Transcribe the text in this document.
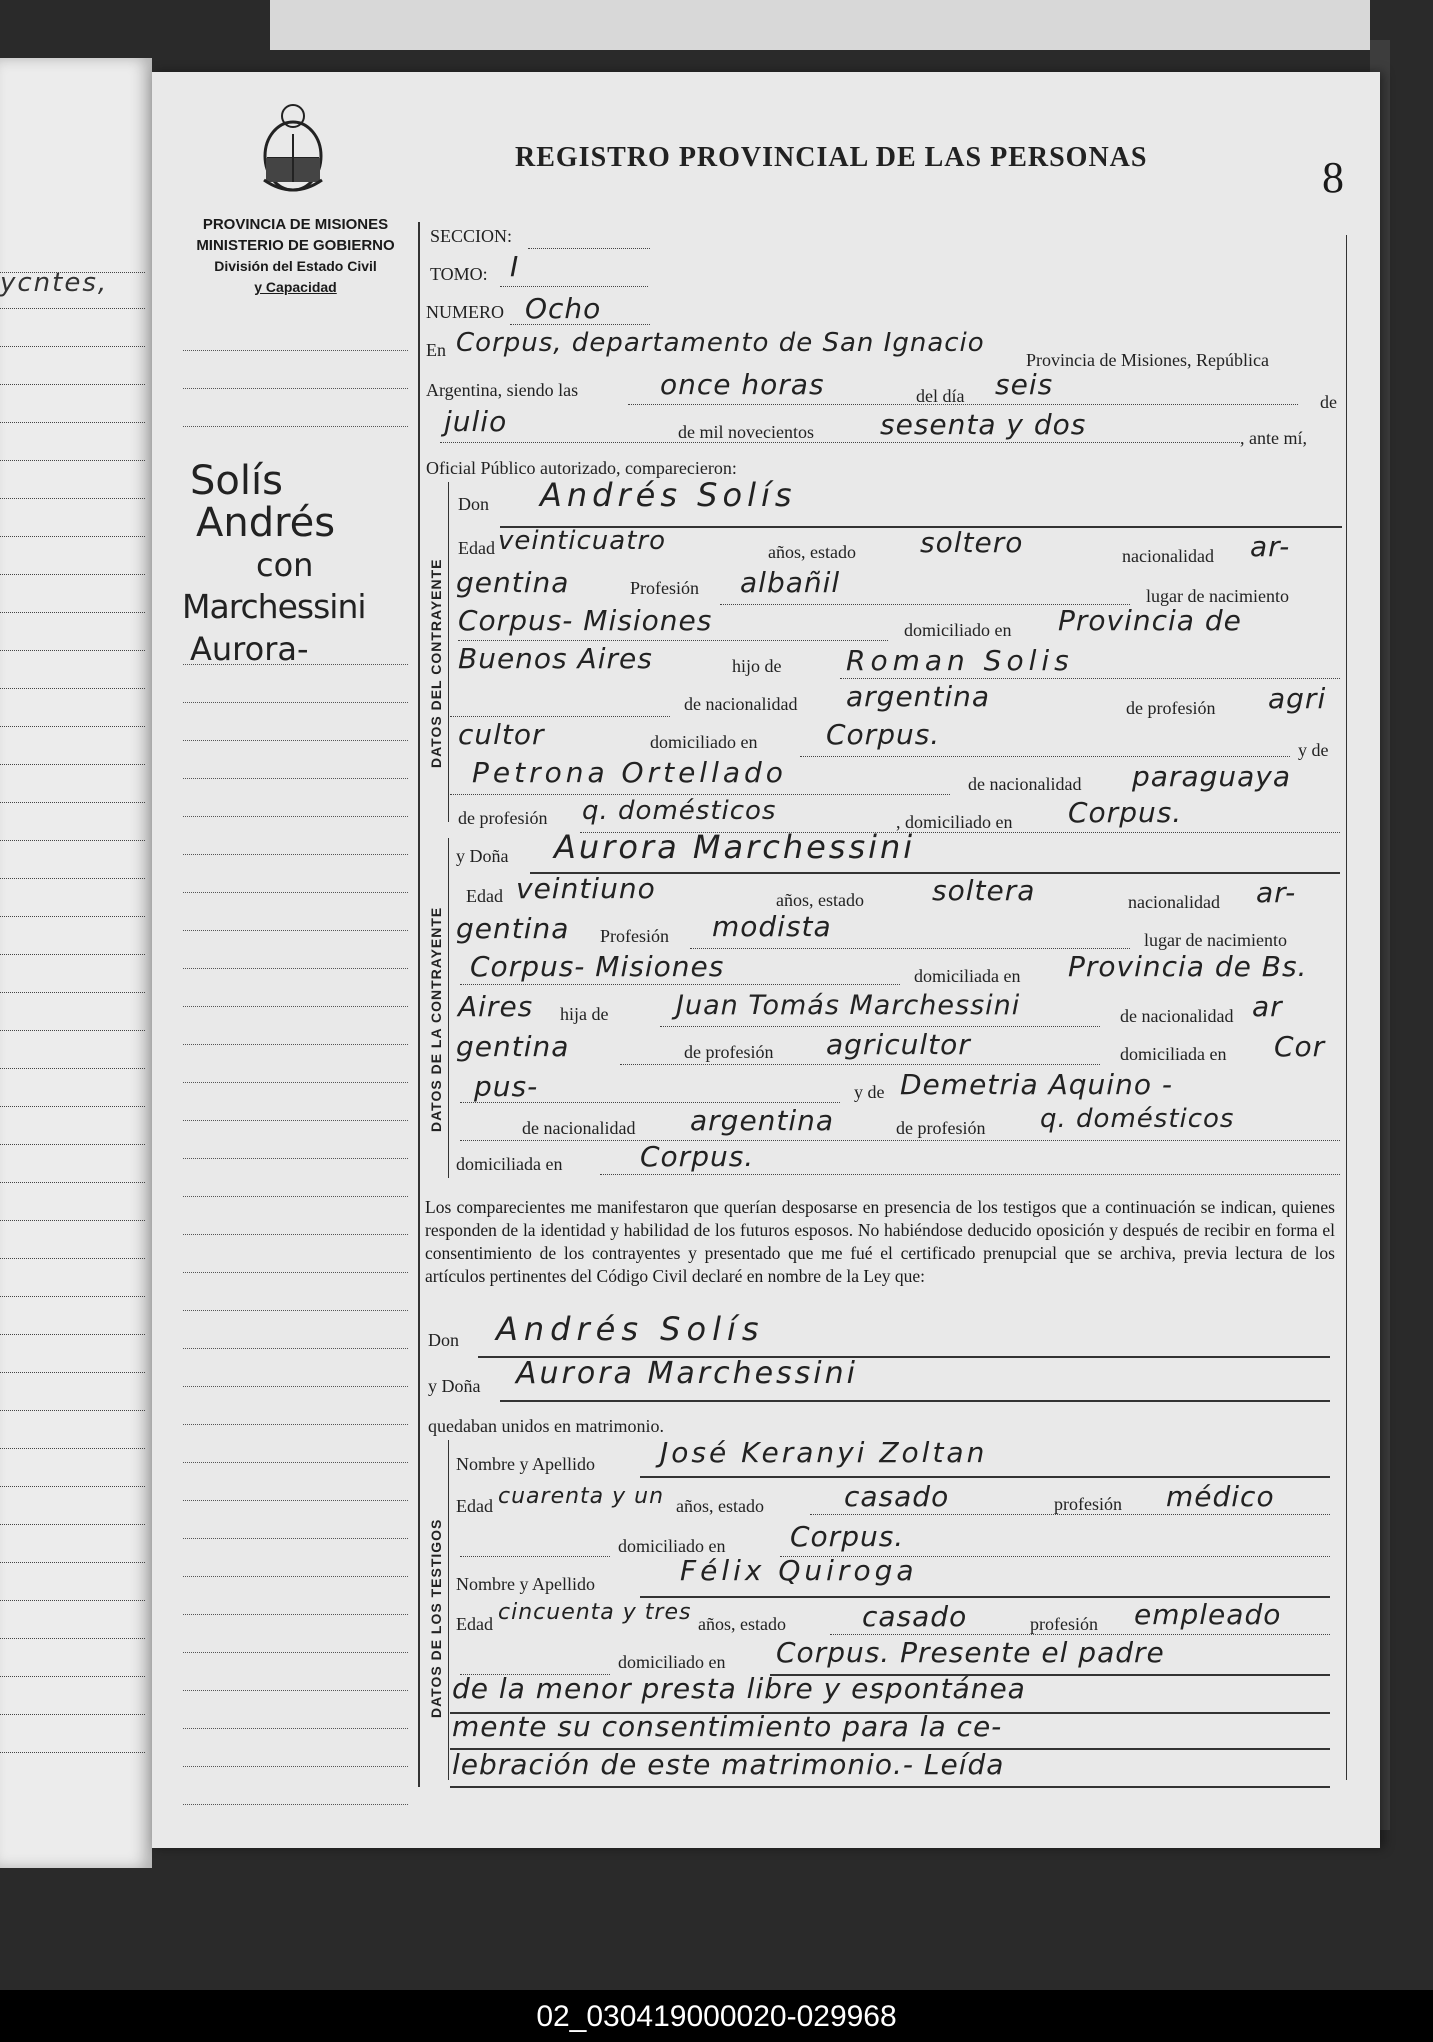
ycntes,
REGISTRO PROVINCIAL DE LAS PERSONAS	8
PROVINCIA DE MISIONES
MINISTERIO DE GOBIERNO
División del Estado Civil
y Capacidad
Solís
Andrés
con
Marchessini
Aurora-
SECCION:
TOMO: I
NUMERO Ocho
En Corpus, departamento de San Ignacio
Provincia de Misiones, República
Argentina, siendo las	once horas	del día seis
de
julio	de mil novecientos sesenta y dos	, ante mí,
Oficial Público autorizado, comparecieron:
DATOS DEL CONTRAYENTE
Don Andrés Solís
Edad veinticuatro	años, estado soltero	nacionalidad ar-
gentina	Profesión albañil	lugar de nacimiento
Corpus- Misiones	domiciliado en Provincia de
Buenos Aires	hijo de Roman Solis
de nacionalidad argentina	de profesión agri
cultor	domiciliado en Corpus.	y de
Petrona Ortellado	de nacionalidad paraguaya
de profesión q. domésticos	, domiciliado en Corpus.
DATOS DE LA CONTRAYENTE
y Doña Aurora Marchessini
Edad veintiuno	años, estado soltera	nacionalidad ar-
gentina Profesión modista	lugar de nacimiento
Corpus- Misiones	domiciliada en Provincia de Bs.
Aires hija de	Juan Tomás Marchessini	de nacionalidad ar
gentina	de profesión agricultor	domiciliada en Cor
pus-	y de Demetria Aquino -
de nacionalidad argentina	de profesión q. domésticos
domiciliada en	Corpus.
Los comparecientes me manifestaron que querían desposarse en presencia de los testigos que a continuación se indican, quienes responden de la identidad y habilidad de los futuros esposos. No habiéndose deducido oposición y después de recibir en forma el consentimiento de los contrayentes y presentado que me fué el certificado prenupcial que se archiva, previa lectura de los artículos pertinentes del Código Civil declaré en nombre de la Ley que:
Don Andrés Solís
y Doña Aurora Marchessini
quedaban unidos en matrimonio.
DATOS DE LOS TESTIGOS
Nombre y Apellido José Keranyi Zoltan
Edad cuarenta y un años, estado	casado	profesión médico
domiciliado en Corpus.
Nombre y Apellido	Félix Quiroga
Edad cincuenta y tres años, estado	casado	profesión empleado
domiciliado en Corpus. Presente el padre
de la menor presta libre y espontánea
mente su consentimiento para la ce-
lebración de este matrimonio.- Leída
02_030419000020-029968
